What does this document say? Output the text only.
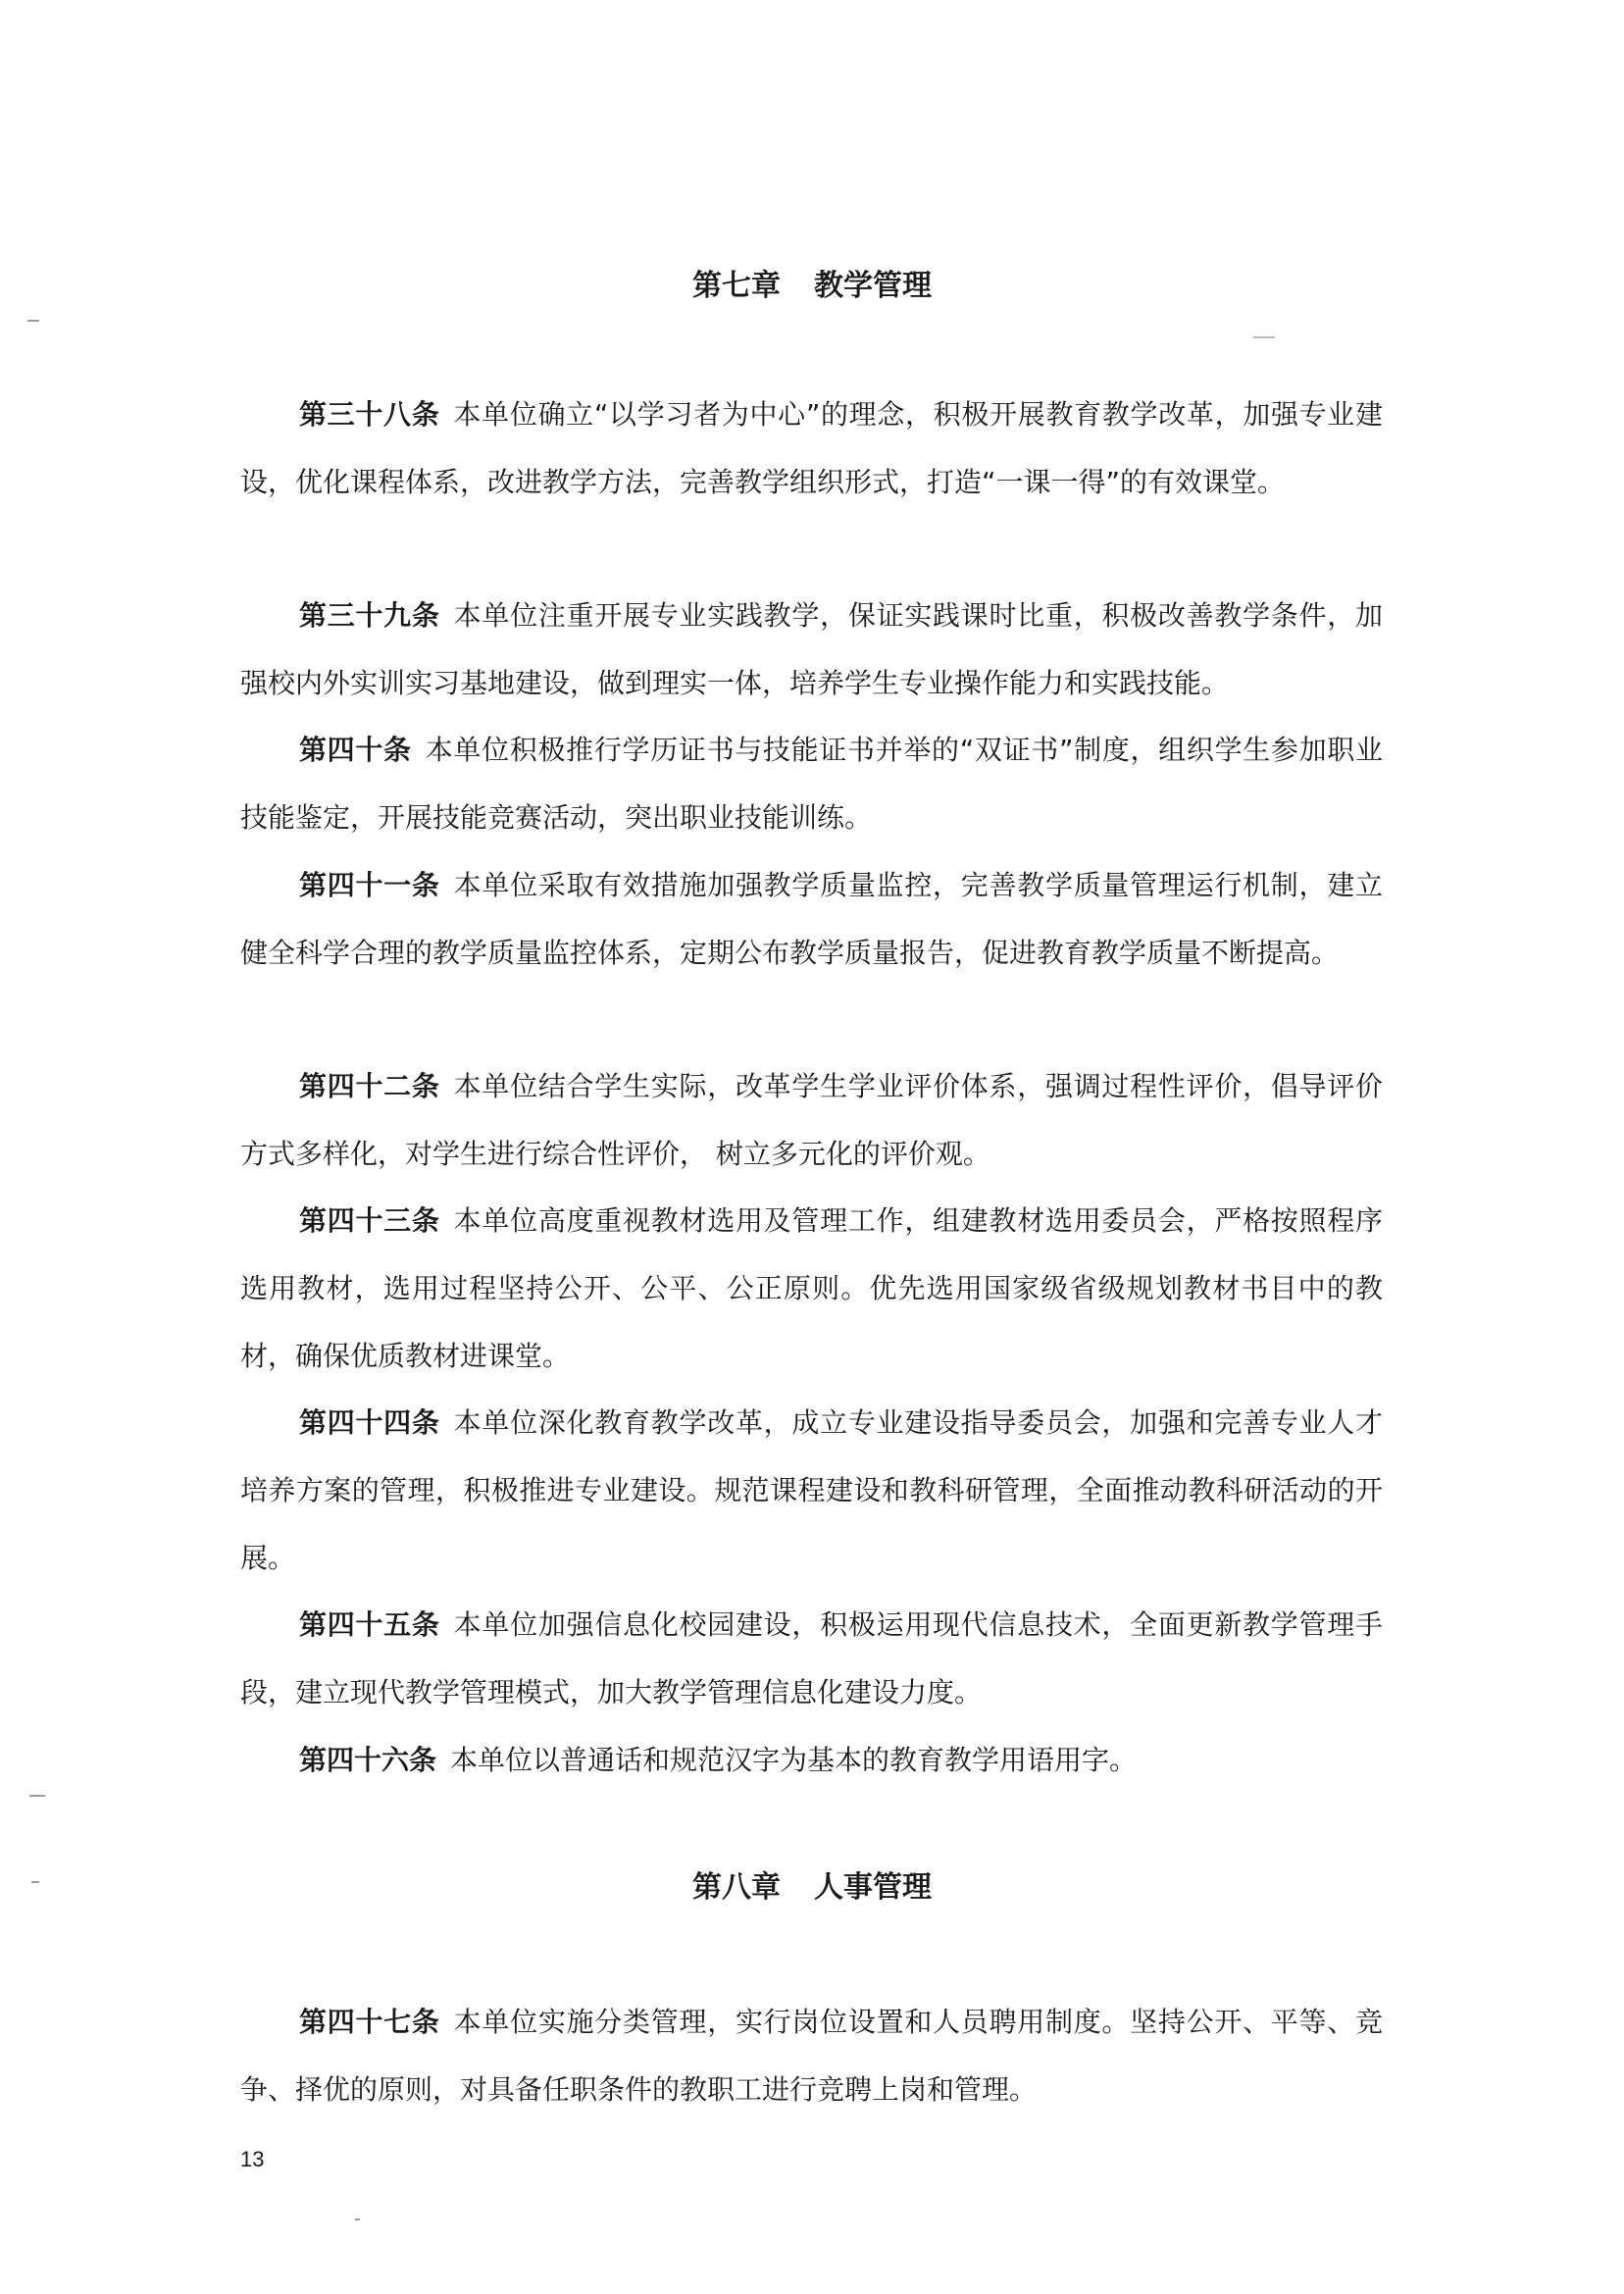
第七章 教学管理

第三十八条 本单位确立“以学习者为中心”的理念，积极开展教育教学改革，加强专业建设，优化课程体系，改进教学方法，完善教学组织形式，打造“一课一得”的有效课堂。

第三十九条 本单位注重开展专业实践教学，保证实践课时比重，积极改善教学条件，加强校内外实训实习基地建设，做到理实一体，培养学生专业操作能力和实践技能。

第四十条 本单位积极推行学历证书与技能证书并举的“双证书”制度，组织学生参加职业技能鉴定，开展技能竞赛活动，突出职业技能训练。

第四十一条 本单位采取有效措施加强教学质量监控，完善教学质量管理运行机制，建立健全科学合理的教学质量监控体系，定期公布教学质量报告，促进教育教学质量不断提高。

第四十二条 本单位结合学生实际，改革学生学业评价体系，强调过程性评价，倡导评价方式多样化，对学生进行综合性评价， 树立多元化的评价观。

第四十三条 本单位高度重视教材选用及管理工作，组建教材选用委员会，严格按照程序选用教材，选用过程坚持公开、公平、公正原则。优先选用国家级省级规划教材书目中的教材，确保优质教材进课堂。

第四十四条 本单位深化教育教学改革，成立专业建设指导委员会，加强和完善专业人才培养方案的管理，积极推进专业建设。规范课程建设和教科研管理，全面推动教科研活动的开展。

第四十五条 本单位加强信息化校园建设，积极运用现代信息技术，全面更新教学管理手段，建立现代教学管理模式，加大教学管理信息化建设力度。

第四十六条 本单位以普通话和规范汉字为基本的教育教学用语用字。

第八章 人事管理

第四十七条 本单位实施分类管理，实行岗位设置和人员聘用制度。坚持公开、平等、竞争、择优的原则，对具备任职条件的教职工进行竞聘上岗和管理。

13
